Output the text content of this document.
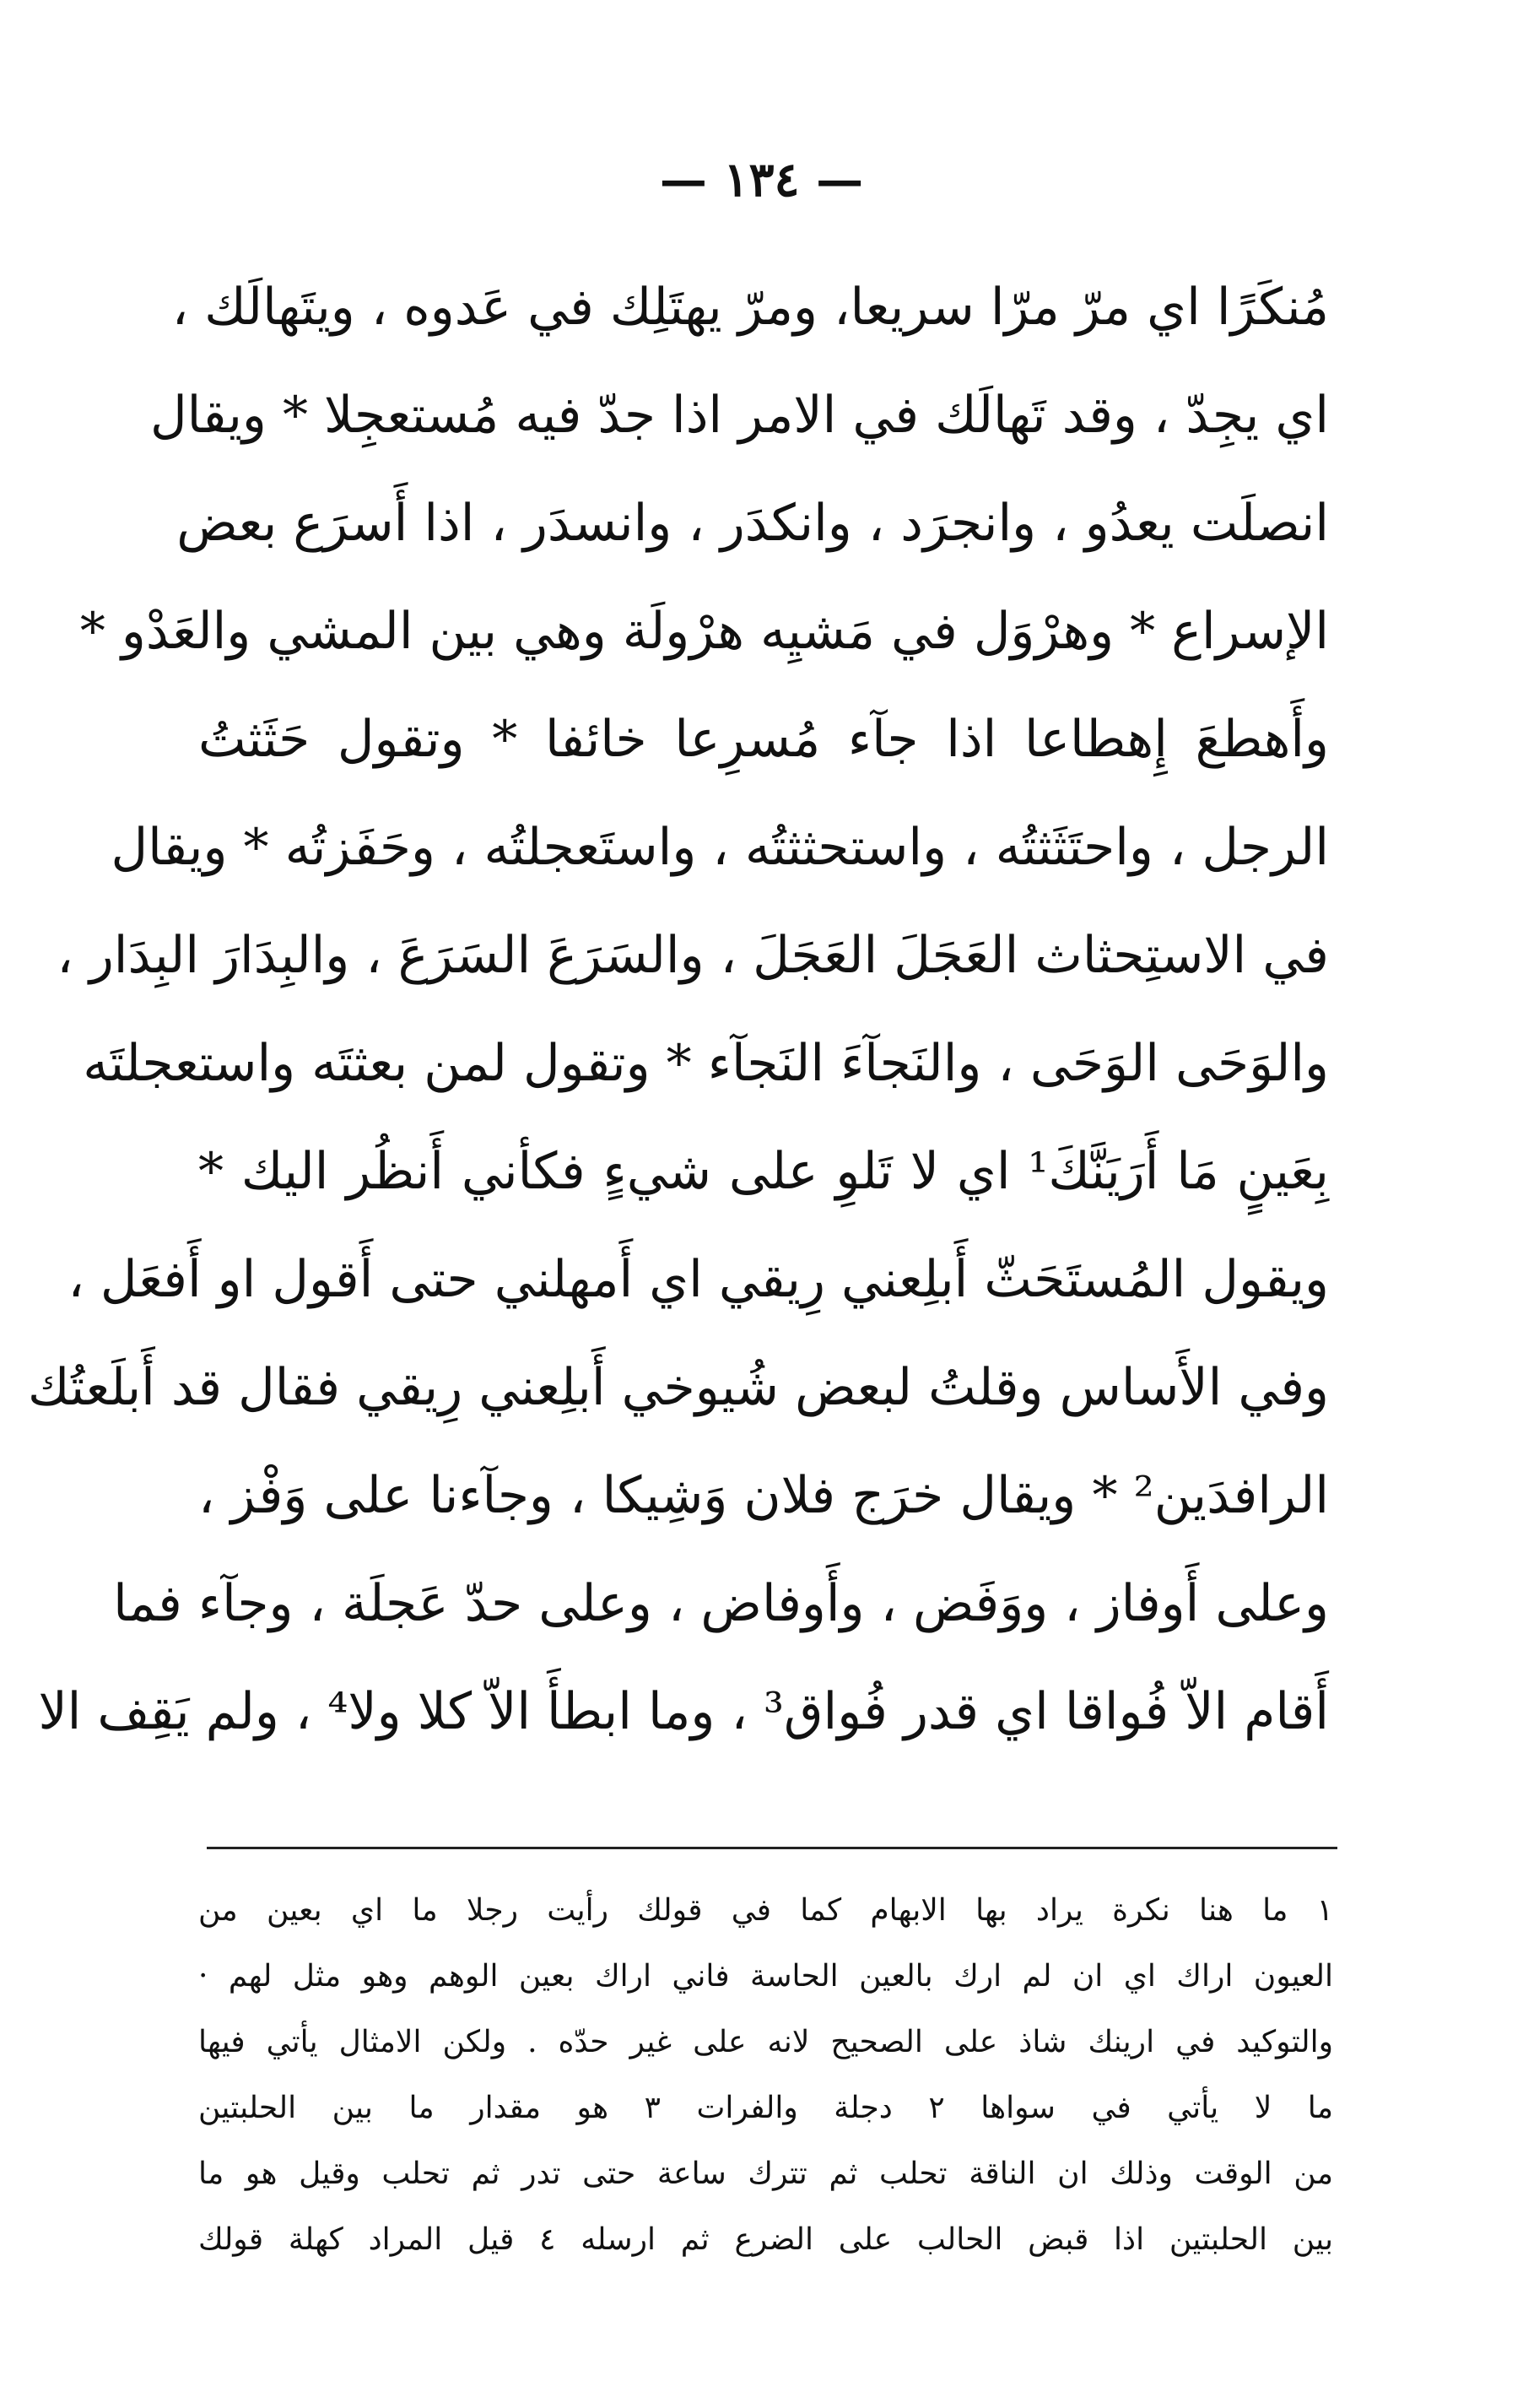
— ١٣٤ —
مُنكَرًا اي مرّ مرّا سريعا، ومرّ يهتَلِك في عَدوه ، ويتَهالَك ،
اي يجِدّ ، وقد تَهالَك في الامر اذا جدّ فيه مُستعجِلا * ويقال
انصلَت يعدُو ، وانجرَد ، وانكدَر ، وانسدَر ، اذا أَسرَع بعض
الإسراع * وهرْوَل في مَشيِه هرْولَة وهي بين المشي والعَدْو *
وأَهطعَ إِهطاعا اذا جآء مُسرِعا خائفا * وتقول حَثَثتُ
الرجل ، واحتَثَثتُه ، واستحثثتُه ، واستَعجلتُه ، وحَفَزتُه * ويقال
في الاستِحثاث العَجَلَ العَجَلَ ، والسَرَعَ السَرَعَ ، والبِدَارَ البِدَار ،
والوَحَى الوَحَى ، والنَجآءَ النَجآء * وتقول لمن بعثتَه واستعجلتَه
بِعَينٍ مَا أَرَيَنَّكَ¹ اي لا تَلوِ على شيءٍ فكأني أَنظُر اليك *
ويقول المُستَحَثّ أَبلِعني رِيقي اي أَمهلني حتى أَقول او أَفعَل ،
وفي الأَساس وقلتُ لبعض شُيوخي أَبلِعني رِيقي فقال قد أَبلَعتُك
الرافدَين² * ويقال خرَج فلان وَشِيكا ، وجآءنا على وَفْز ،
وعلى أَوفاز ، ووَفَض ، وأَوفاض ، وعلى حدّ عَجلَة ، وجآء فما
أَقام الاّ فُواقا اي قدر فُواق³ ، وما ابطأَ الاّ كلا ولا⁴ ، ولم يَقِف الا
١ ما هنا نكرة يراد بها الابهام كما في قولك رأيت رجلا ما اي بعين من
العيون اراك اي ان لم ارك بالعين الحاسة فاني اراك بعين الوهم وهو مثل لهم ·
والتوكيد في ارينك شاذ على الصحيح لانه على غير حدّه . ولكن الامثال يأتي فيها
ما لا يأتي في سواها ٢ دجلة والفرات ٣ هو مقدار ما بين الحلبتين
من الوقت وذلك ان الناقة تحلب ثم تترك ساعة حتى تدر ثم تحلب وقيل هو ما
بين الحلبتين اذا قبض الحالب على الضرع ثم ارسله ٤ قيل المراد كهلة قولك
